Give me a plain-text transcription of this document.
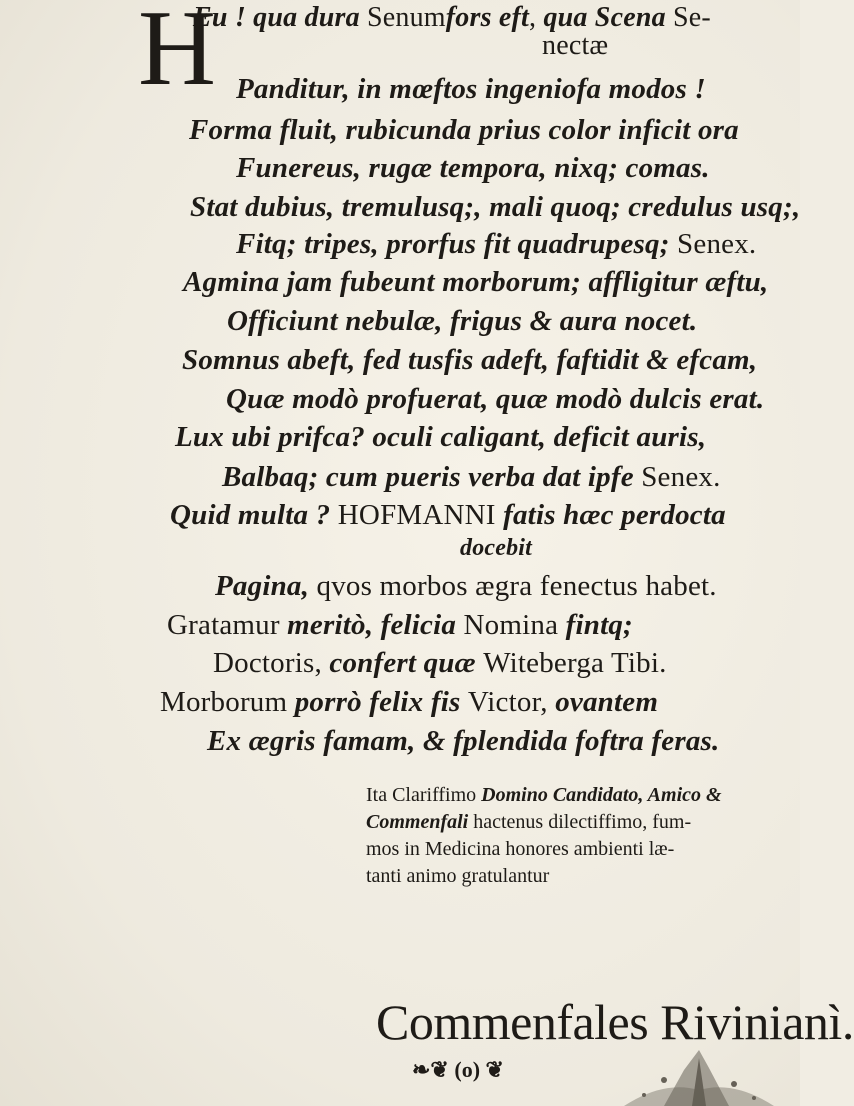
H
Eu ! qua dura Senumfors eft, qua Scena Se-
nectæ
Panditur, in mœftos ingeniofa modos !
Forma fluit, rubicunda prius color inficit ora
Funereus, rugæ tempora, nixq; comas.
Stat dubius, tremulusq;, mali quoq; credulus usq;,
Fitq; tripes, prorfus fit quadrupesq; Senex.
Agmina jam fubeunt morborum; affligitur æftu,
Officiunt nebulæ, frigus & aura nocet.
Somnus abeft, fed tusfis adeft, faftidit & efcam,
Quæ modò profuerat, quæ modò dulcis erat.
Lux ubi prifca? oculi caligant, deficit auris,
Balbaq; cum pueris verba dat ipfe Senex.
Quid multa ? HOFMANNI fatis hæc perdocta
docebit
Pagina, qvos morbos ægra fenectus habet.
Gratamur meritò, felicia Nomina fintq;
Doctoris, confert quæ Witeberga Tibi.
Morborum porrò felix fis Victor, ovantem
Ex ægris famam, & fplendida foftra feras.
Ita Clariffimo Domino Candidato, Amico &
Commenfali hactenus dilectiffimo, fum-
mos in Medicina honores ambienti læ-
tanti animo gratulantur
Commenfales Rivinianì.
❧❦ (o) ❦
